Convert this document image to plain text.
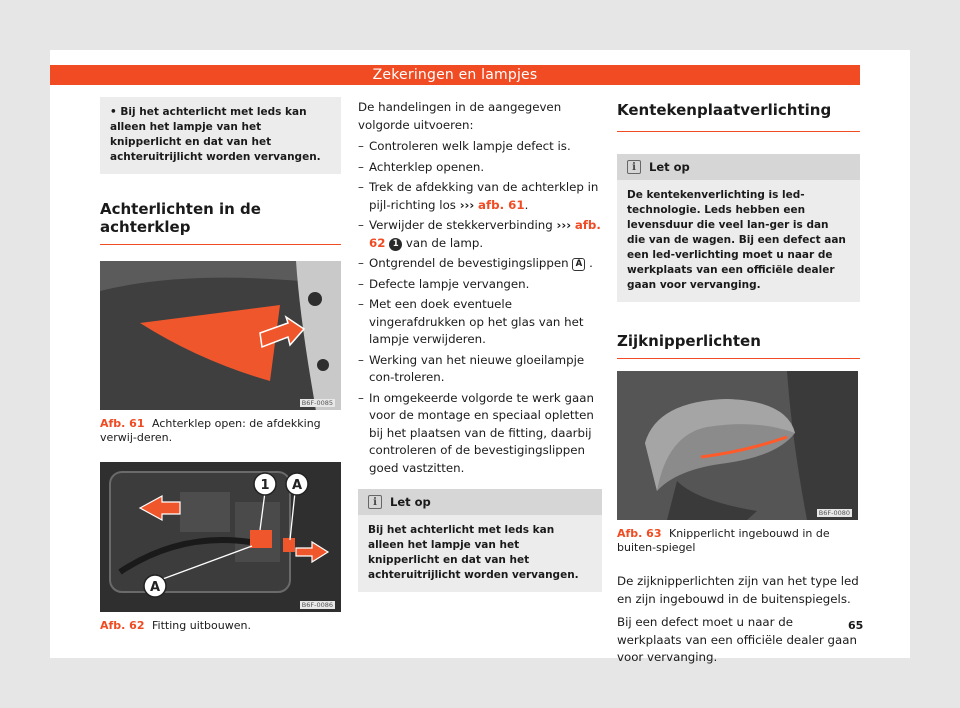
Zekeringen en lampjes
• Bij het achterlicht met leds kan alleen het lampje van het knipperlicht en dat van het achteruitrijlicht worden vervangen.
Achterlichten in de achterklep
B6F-0085
Afb. 61 Achterklep open: de afdekking verwij-deren.
1 A
A
B6F-0086
Afb. 62 Fitting uitbouwen.

De handelingen in de aangegeven volgorde uitvoeren:

– Controleren welk lampje defect is.
– Achterklep openen.
– Trek de afdekking van de achterklep in pijl-richting los ››› afb. 61.
– Verwijder de stekkerverbinding ››› afb. 62 1 van de lamp.
– Ontgrendel de bevestigingslippen A .
– Defecte lampje vervangen.
– Met een doek eventuele vingerafdrukken op het glas van het lampje verwijderen.
– Werking van het nieuwe gloeilampje con-troleren.
– In omgekeerde volgorde te werk gaan voor de montage en speciaal opletten bij het plaatsen van de fitting, daarbij controleren of de bevestigingslippen goed vastzitten.
i	Let op
Bij het achterlicht met leds kan alleen het lampje van het knipperlicht en dat van het achteruitrijlicht worden vervangen.
Kentekenplaatverlichting
i	Let op
De kentekenverlichting is led-technologie. Leds hebben een levensduur die veel lan-ger is dan die van de wagen. Bij een defect aan een led-verlichting moet u naar de werkplaats van een officiële dealer gaan voor vervanging.
Zijknipperlichten
B6F-0080
Afb. 63 Knipperlicht ingebouwd in de buiten-spiegel

De zijknipperlichten zijn van het type led en zijn ingebouwd in de buitenspiegels.

Bij een defect moet u naar de werkplaats van een officiële dealer gaan voor vervanging.

65
